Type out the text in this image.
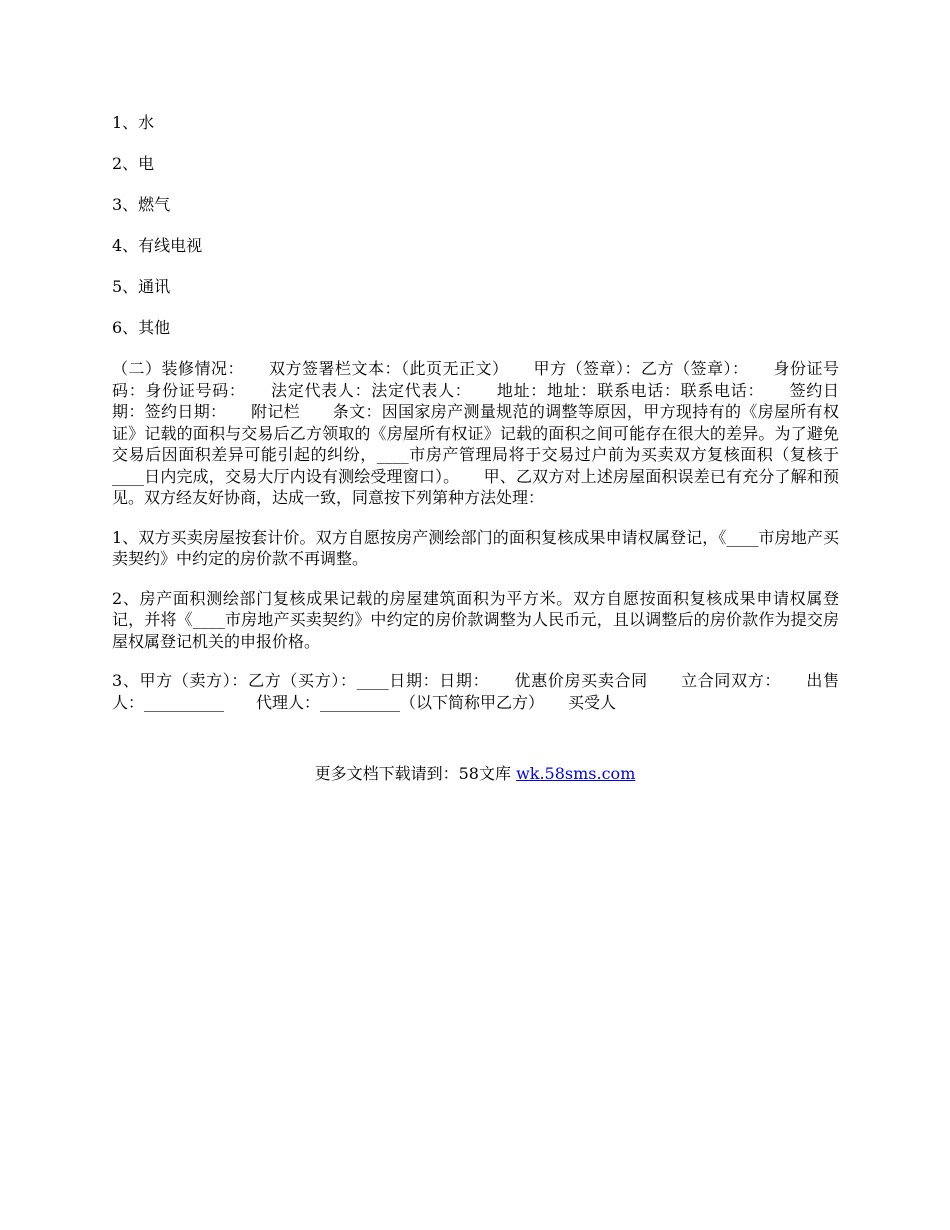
1、水
2、电
3、燃气
4、有线电视
5、通讯
6、其他

（二）装修情况：　　双方签署栏文本：（此页无正文）　　甲方（签章）：乙方（签章）：　　身份证号码：身份证号码：　　法定代表人：法定代表人：　　地址：地址：联系电话：联系电话：　　签约日期：签约日期：　　附记栏　　条文：因国家房产测量规范的调整等原因，甲方现持有的《房屋所有权证》记载的面积与交易后乙方领取的《房屋所有权证》记载的面积之间可能存在很大的差异。为了避免交易后因面积差异可能引起的纠纷，____市房产管理局将于交易过户前为买卖双方复核面积（复核于____日内完成，交易大厅内设有测绘受理窗口）。　　甲、乙双方对上述房屋面积误差已有充分了解和预见。双方经友好协商，达成一致，同意按下列第种方法处理：

1、双方买卖房屋按套计价。双方自愿按房产测绘部门的面积复核成果申请权属登记，《____市房地产买卖契约》中约定的房价款不再调整。

2、房产面积测绘部门复核成果记载的房屋建筑面积为平方米。双方自愿按面积复核成果申请权属登记，并将《____市房地产买卖契约》中约定的房价款调整为人民币元，且以调整后的房价款作为提交房屋权属登记机关的申报价格。

3、甲方（卖方）：乙方（买方）：____日期：日期：　　优惠价房买卖合同　　立合同双方：　　出售人：__________　　代理人：__________（以下简称甲乙方）　　买受人

更多文档下载请到：58文库 wk.58sms.com
